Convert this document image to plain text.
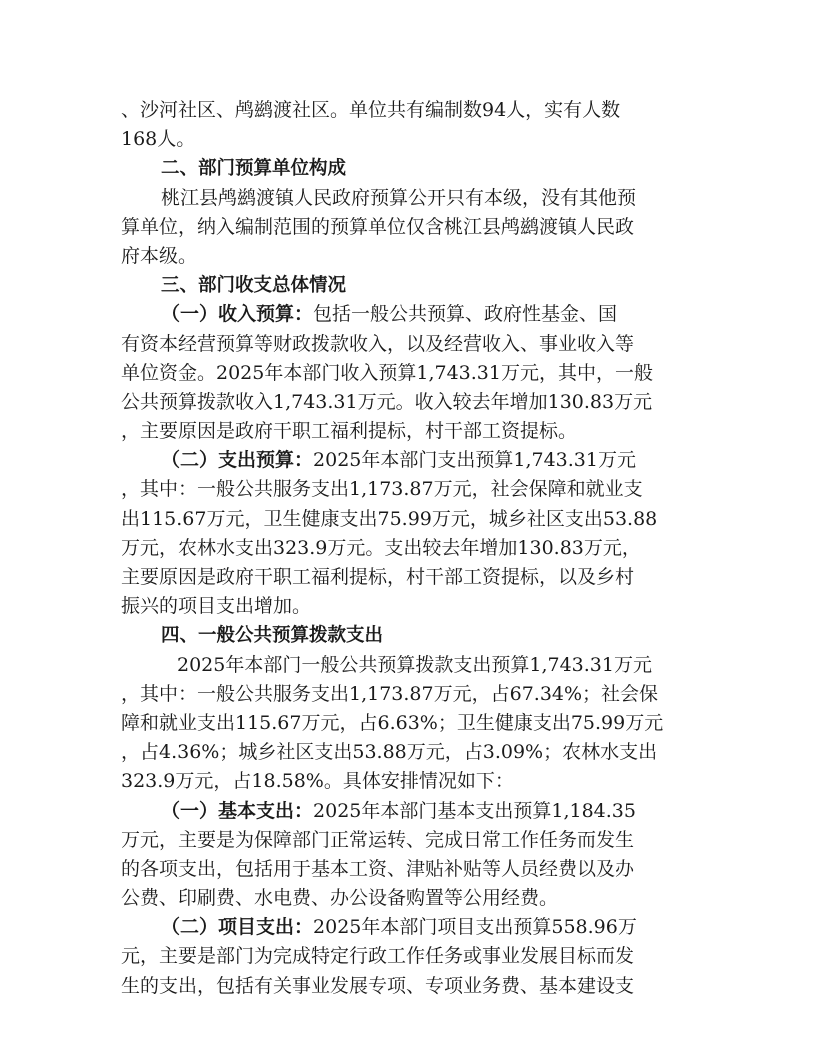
、沙河社区、鸬鹚渡社区。单位共有编制数94人，实有人数
168人。
二、部门预算单位构成
桃江县鸬鹚渡镇人民政府预算公开只有本级，没有其他预
算单位，纳入编制范围的预算单位仅含桃江县鸬鹚渡镇人民政
府本级。
三、部门收支总体情况
（一）收入预算：包括一般公共预算、政府性基金、国
有资本经营预算等财政拨款收入，以及经营收入、事业收入等
单位资金。2025年本部门收入预算1,743.31万元，其中，一般
公共预算拨款收入1,743.31万元。收入较去年增加130.83万元
，主要原因是政府干职工福利提标，村干部工资提标。
（二）支出预算：2025年本部门支出预算1,743.31万元
，其中：一般公共服务支出1,173.87万元，社会保障和就业支
出115.67万元，卫生健康支出75.99万元，城乡社区支出53.88
万元，农林水支出323.9万元。支出较去年增加130.83万元，
主要原因是政府干职工福利提标，村干部工资提标，以及乡村
振兴的项目支出增加。
四、一般公共预算拨款支出
2025年本部门一般公共预算拨款支出预算1,743.31万元
，其中：一般公共服务支出1,173.87万元，占67.34%；社会保
障和就业支出115.67万元，占6.63%；卫生健康支出75.99万元
，占4.36%；城乡社区支出53.88万元，占3.09%；农林水支出
323.9万元，占18.58%。具体安排情况如下：
（一）基本支出：2025年本部门基本支出预算1,184.35
万元，主要是为保障部门正常运转、完成日常工作任务而发生
的各项支出，包括用于基本工资、津贴补贴等人员经费以及办
公费、印刷费、水电费、办公设备购置等公用经费。
（二）项目支出：2025年本部门项目支出预算558.96万
元，主要是部门为完成特定行政工作任务或事业发展目标而发
生的支出，包括有关事业发展专项、专项业务费、基本建设支
